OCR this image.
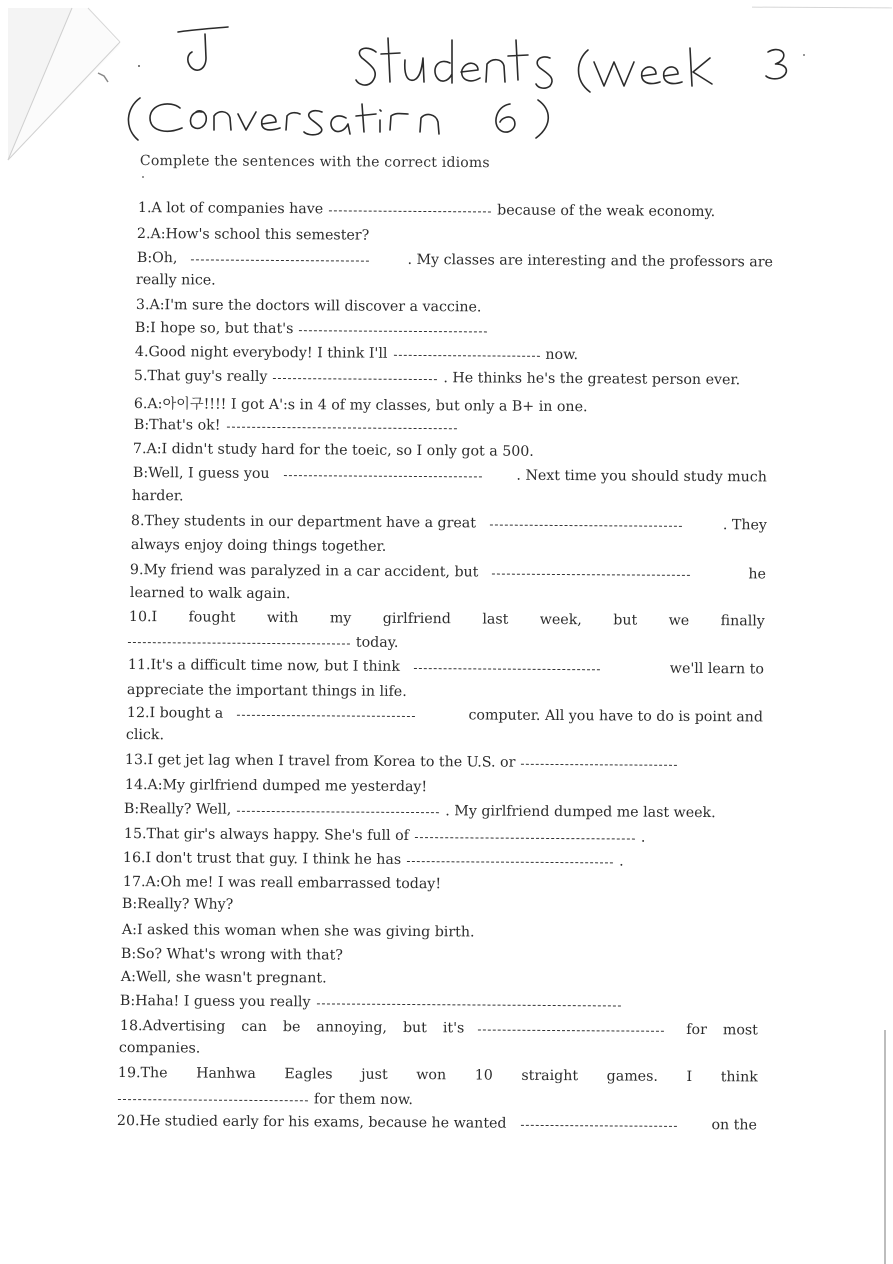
Complete the sentences with the correct idioms
1.A lot of companies have	because of the weak economy.
2.A:How's school this semester?
B:Oh,	. My classes are interesting and the professors are
really nice.
3.A:I'm sure the doctors will discover a vaccine.
B:I hope so, but that's
4.Good night everybody! I think I'll	now.
5.That guy's really	. He thinks he's the greatest person ever.
6.A:아이구!!!! I got A':s in 4 of my classes, but only a B+ in one.
B:That's ok!
7.A:I didn't study hard for the toeic, so I only got a 500.
B:Well, I guess you	. Next time you should study much
harder.
8.They students in our department have a great	. They
always enjoy doing things together.
9.My friend was paralyzed in a car accident, but	he
learned to walk again.
10.I fought with my girlfriend last week, but we finally
today.
11.It's a difficult time now, but I think	we'll learn to
appreciate the important things in life.
12.I bought a	computer. All you have to do is point and
click.
13.I get jet lag when I travel from Korea to the U.S. or
14.A:My girlfriend dumped me yesterday!
B:Really? Well,	. My girlfriend dumped me last week.
15.That gir's always happy. She's full of	.
16.I don't trust that guy. I think he has	.
17.A:Oh me! I was reall embarrassed today!
B:Really? Why?
A:I asked this woman when she was giving birth.
B:So? What's wrong with that?
A:Well, she wasn't pregnant.
B:Haha! I guess you really
18.Advertising can be annoying, but it's	for most
companies.
19.The Hanhwa Eagles just won 10 straight games. I think
for them now.
20.He studied early for his exams, because he wanted	on the
